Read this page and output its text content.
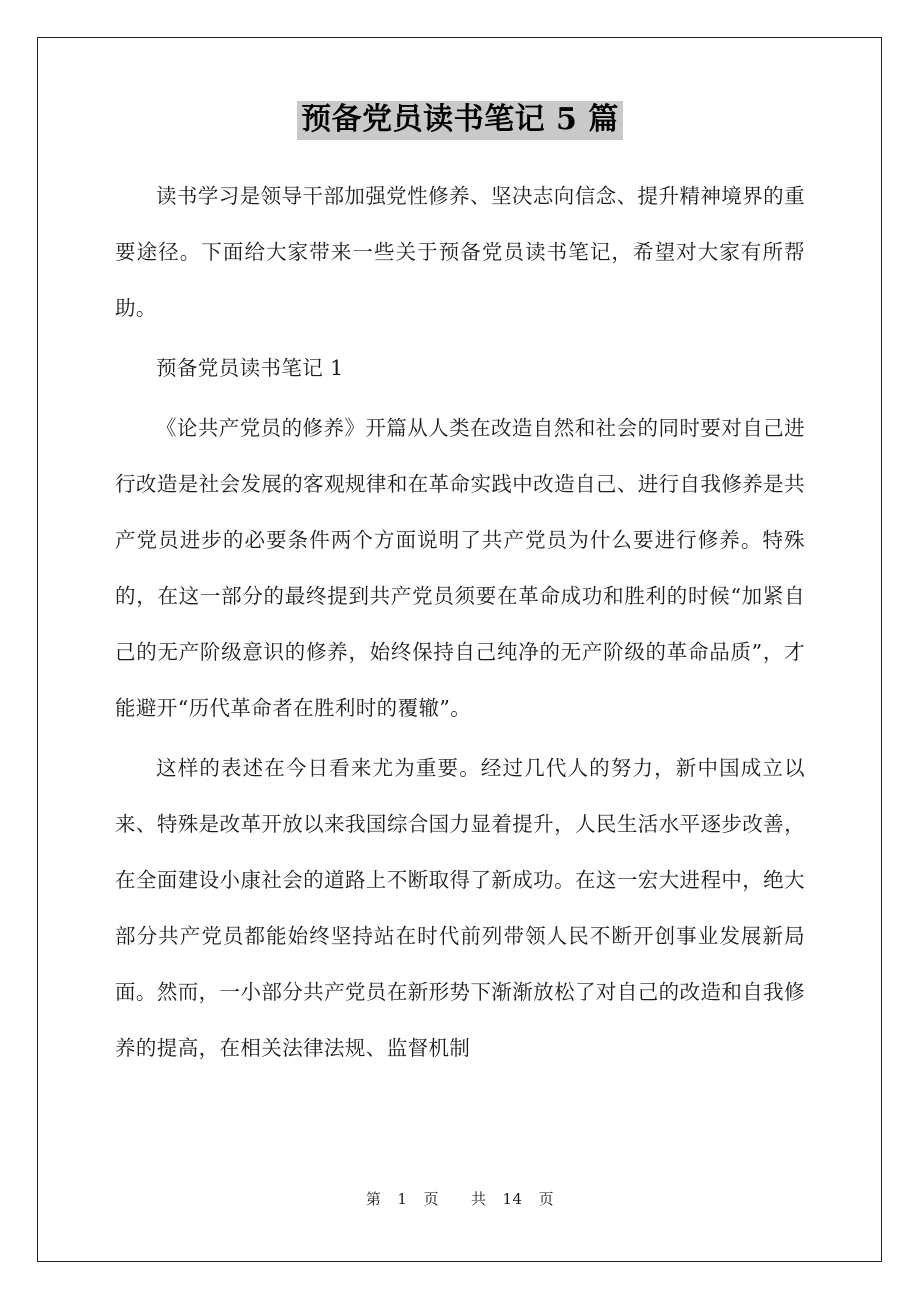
预备党员读书笔记 5 篇

读书学习是领导干部加强党性修养、坚决志向信念、提升精神境界的重要途径。下面给大家带来一些关于预备党员读书笔记，希望对大家有所帮助。

预备党员读书笔记 1

《论共产党员的修养》开篇从人类在改造自然和社会的同时要对自己进行改造是社会发展的客观规律和在革命实践中改造自己、进行自我修养是共产党员进步的必要条件两个方面说明了共产党员为什么要进行修养。特殊的，在这一部分的最终提到共产党员须要在革命成功和胜利的时候“加紧自己的无产阶级意识的修养，始终保持自己纯净的无产阶级的革命品质”，才能避开“历代革命者在胜利时的覆辙”。

这样的表述在今日看来尤为重要。经过几代人的努力，新中国成立以来、特殊是改革开放以来我国综合国力显着提升，人民生活水平逐步改善，在全面建设小康社会的道路上不断取得了新成功。在这一宏大进程中，绝大部分共产党员都能始终坚持站在时代前列带领人民不断开创事业发展新局面。然而，一小部分共产党员在新形势下渐渐放松了对自己的改造和自我修养的提高，在相关法律法规、监督机制

第 1 页 共 14 页
